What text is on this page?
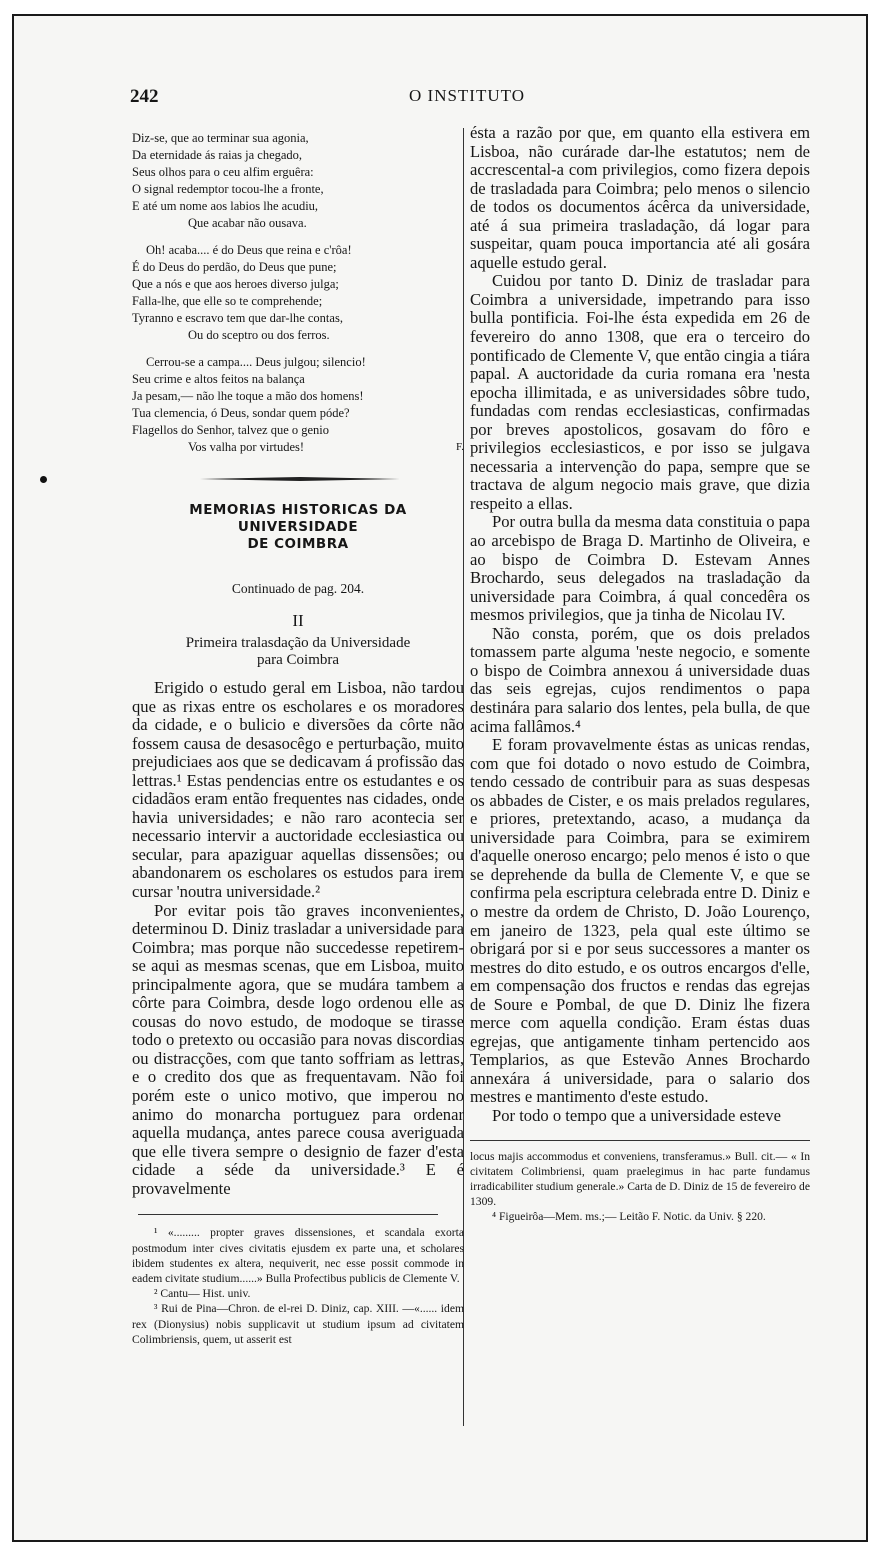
242	O INSTITUTO
Diz-se, que ao terminar sua agonia,
Da eternidade ás raias ja chegado,
Seus olhos para o ceu alfim erguêra:
O signal redemptor tocou-lhe a fronte,
E até um nome aos labios lhe acudiu,
Que acabar não ousava.
Oh! acaba.... é do Deus que reina e c'rôa!
É do Deus do perdão, do Deus que pune;
Que a nós e que aos heroes diverso julga;
Falla-lhe, que elle so te comprehende;
Tyranno e escravo tem que dar-lhe contas,
Ou do sceptro ou dos ferros.
Cerrou-se a campa.... Deus julgou; silencio!
Seu crime e altos feitos na balança
Ja pesam,— não lhe toque a mão dos homens!
Tua clemencia, ó Deus, sondar quem póde?
Flagellos do Senhor, talvez que o genio
Vos valha por virtudes!	F.
MEMORIAS HISTORICAS DA UNIVERSIDADE
DE COIMBRA
Continuado de pag. 204.
II
Primeira tralasdação da Universidade
para Coimbra

Erigido o estudo geral em Lisboa, não tardou que as rixas entre os escholares e os moradores da cidade, e o bulicio e diversões da côrte não fossem causa de desasocêgo e perturbação, muito prejudiciaes aos que se dedicavam á profissão das lettras.¹ Estas pendencias entre os estudantes e os cidadãos eram então frequentes nas cidades, onde havia universidades; e não raro acontecia ser necessario intervir a auctoridade ecclesiastica ou secular, para apaziguar aquellas dissensões; ou abandonarem os escholares os estudos para irem cursar 'noutra universidade.²

Por evitar pois tão graves inconvenientes, determinou D. Diniz trasladar a universidade para Coimbra; mas porque não succedesse repetirem-se aqui as mesmas scenas, que em Lisboa, muito principalmente agora, que se mudára tambem a côrte para Coimbra, desde logo ordenou elle as cousas do novo estudo, de modoque se tirasse todo o pretexto ou occasião para novas discordias ou distracções, com que tanto soffriam as lettras, e o credito dos que as frequentavam. Não foi porém este o unico motivo, que imperou no animo do monarcha portuguez para ordenar aquella mudança, antes parece cousa averiguada que elle tivera sempre o designio de fazer d'esta cidade a séde da universidade.³ E é provavelmente

¹ «......... propter graves dissensiones, et scandala exorta postmodum inter cives civitatis ejusdem ex parte una, et scholares ibidem studentes ex altera, nequiverit, nec esse possit commode in eadem civitate studium......» Bulla Profectibus publicis de Clemente V.

² Cantu— Hist. univ.

³ Rui de Pina—Chron. de el-rei D. Diniz, cap. XIII. —«...... idem rex (Dionysius) nobis supplicavit ut studium ipsum ad civitatem Colimbriensis, quem, ut asserit est

ésta a razão por que, em quanto ella estivera em Lisboa, não curárade dar-lhe estatutos; nem de accrescental-a com privilegios, como fizera depois de trasladada para Coimbra; pelo menos o silencio de todos os documentos ácêrca da universidade, até á sua primeira trasladação, dá logar para suspeitar, quam pouca importancia até ali gosára aquelle estudo geral.

Cuidou por tanto D. Diniz de trasladar para Coimbra a universidade, impetrando para isso bulla pontificia. Foi-lhe ésta expedida em 26 de fevereiro do anno 1308, que era o terceiro do pontificado de Clemente V, que então cingia a tiára papal. A auctoridade da curia romana era 'nesta epocha illimitada, e as universidades sôbre tudo, fundadas com rendas ecclesiasticas, confirmadas por breves apostolicos, gosavam do fôro e privilegios ecclesiasticos, e por isso se julgava necessaria a intervenção do papa, sempre que se tractava de algum negocio mais grave, que dizia respeito a ellas.

Por outra bulla da mesma data constituia o papa ao arcebispo de Braga D. Martinho de Oliveira, e ao bispo de Coimbra D. Estevam Annes Brochardo, seus delegados na trasladação da universidade para Coimbra, á qual concedêra os mesmos privilegios, que ja tinha de Nicolau IV.

Não consta, porém, que os dois prelados tomassem parte alguma 'neste negocio, e somente o bispo de Coimbra annexou á universidade duas das seis egrejas, cujos rendimentos o papa destinára para salario dos lentes, pela bulla, de que acima fallâmos.⁴

E foram provavelmente éstas as unicas rendas, com que foi dotado o novo estudo de Coimbra, tendo cessado de contribuir para as suas despesas os abbades de Cister, e os mais prelados regulares, e priores, pretextando, acaso, a mudança da universidade para Coimbra, para se eximirem d'aquelle oneroso encargo; pelo menos é isto o que se deprehende da bulla de Clemente V, e que se confirma pela escriptura celebrada entre D. Diniz e o mestre da ordem de Christo, D. João Lourenço, em janeiro de 1323, pela qual este último se obrigará por si e por seus successores a manter os mestres do dito estudo, e os outros encargos d'elle, em compensação dos fructos e rendas das egrejas de Soure e Pombal, de que D. Diniz lhe fizera merce com aquella condição. Eram éstas duas egrejas, que antigamente tinham pertencido aos Templarios, as que Estevão Annes Brochardo annexára á universidade, para o salario dos mestres e mantimento d'este estudo.

Por todo o tempo que a universidade esteve

locus majis accommodus et conveniens, transferamus.» Bull. cit.— « In civitatem Colimbriensi, quam praelegimus in hac parte fundamus irradicabiliter studium generale.» Carta de D. Diniz de 15 de fevereiro de 1309.

⁴ Figueirôa—Mem. ms.;— Leitão F. Notic. da Univ. § 220.
